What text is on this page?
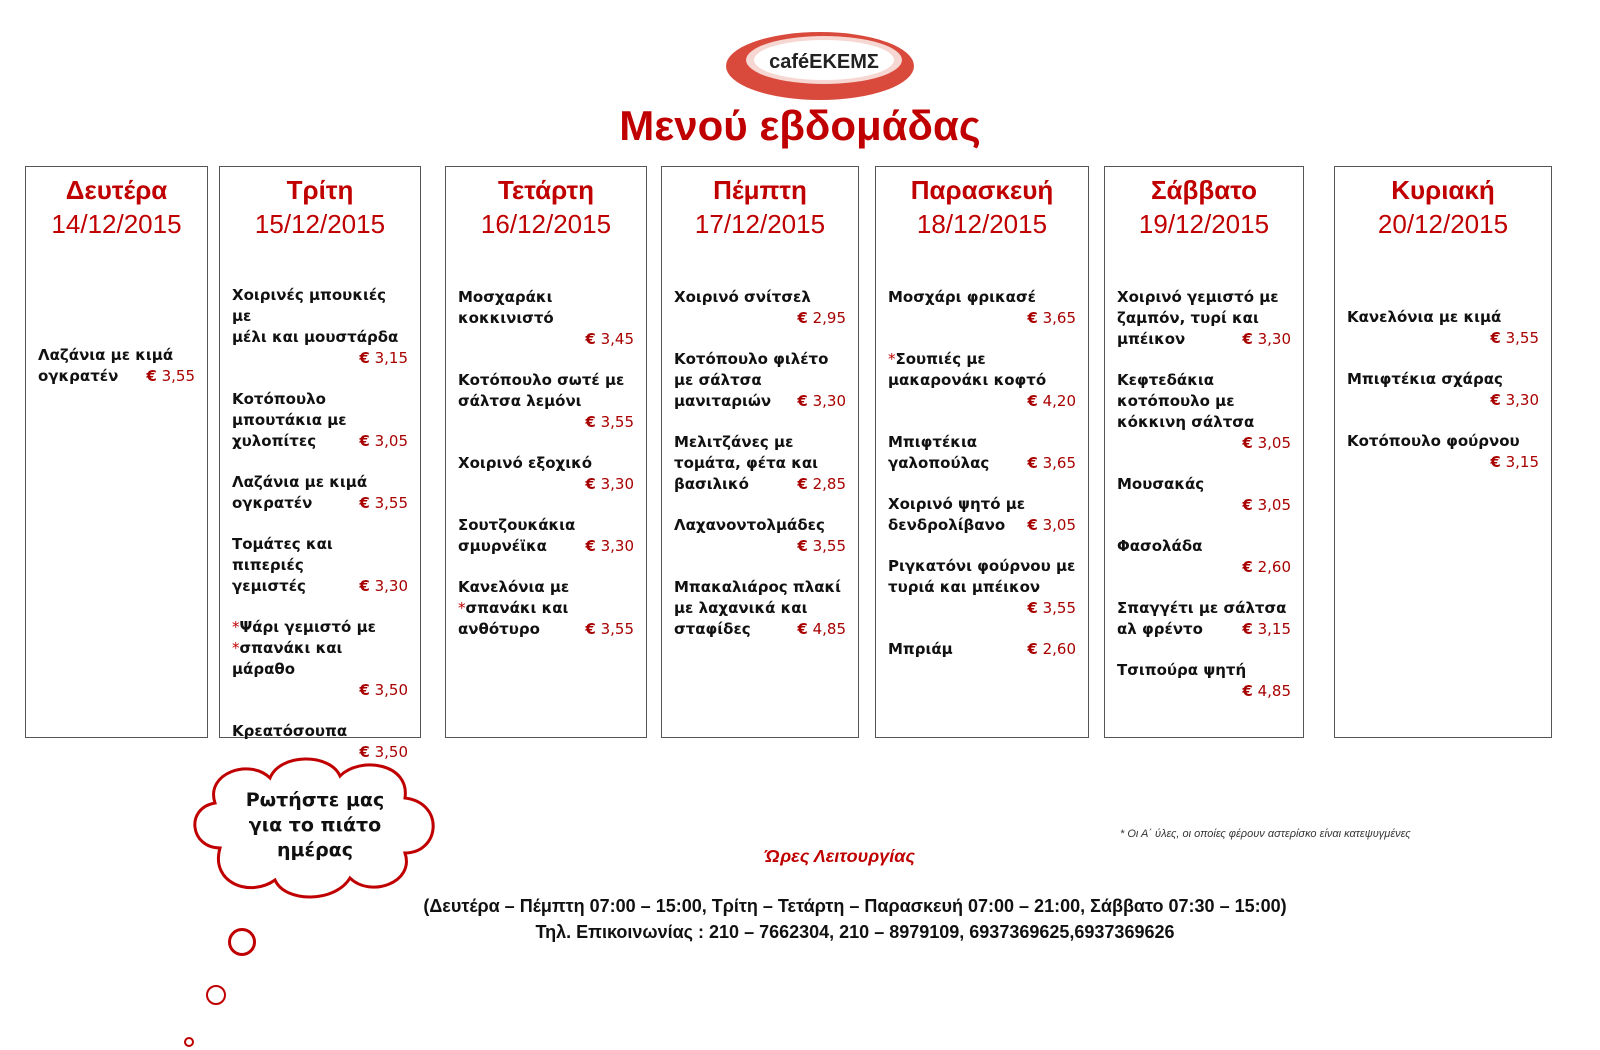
caféΕΚΕΜΣ
Μενού εβδομάδας
Δευτέρα
14/12/2015
Λαζάνια με κιμά
ογκρατέν € 3,55
Τρίτη
15/12/2015
Χοιρινές μπουκιές με
μέλι και μουστάρδα
€ 3,15
Κοτόπουλο
μπουτάκια με
χυλοπίτες	€ 3,05
Λαζάνια με κιμά
ογκρατέν	€ 3,55
Τομάτες και πιπεριές
γεμιστές	€ 3,30
*Ψάρι γεμιστό με
*σπανάκι και μάραθο
€ 3,50
Κρεατόσουπα
€ 3,50
Τετάρτη
16/12/2015
Μοσχαράκι
κοκκινιστό
€ 3,45
Κοτόπουλο σωτέ με
σάλτσα λεμόνι
€ 3,55
Χοιρινό εξοχικό
€ 3,30
Σουτζουκάκια
σμυρνέϊκα	€ 3,30
Κανελόνια με
*σπανάκι και
ανθότυρο	€ 3,55
Πέμπτη
17/12/2015
Χοιρινό σνίτσελ
€ 2,95
Κοτόπουλο φιλέτο
με σάλτσα
μανιταριών € 3,30
Μελιτζάνες με
τομάτα, φέτα και
βασιλικό	€ 2,85
Λαχανοντολμάδες
€ 3,55
Μπακαλιάρος πλακί
με λαχανικά και
σταφίδες	€ 4,85
Παρασκευή
18/12/2015
Μοσχάρι φρικασέ
€ 3,65
*Σουπιές με
μακαρονάκι κοφτό
€ 4,20
Μπιφτέκια
γαλοπούλας	€ 3,65
Χοιρινό ψητό με
δενδρολίβανο € 3,05
Ριγκατόνι φούρνου με
τυριά και μπέικον
€ 3,55
Μπριάμ	€ 2,60
Σάββατο
19/12/2015
Χοιρινό γεμιστό με
ζαμπόν, τυρί και
μπέικον	€ 3,30
Κεφτεδάκια
κοτόπουλο με
κόκκινη σάλτσα
€ 3,05
Μουσακάς
€ 3,05
Φασολάδα
€ 2,60
Σπαγγέτι με σάλτσα
αλ φρέντο	€ 3,15
Τσιπούρα ψητή
€ 4,85
Κυριακή
20/12/2015
Κανελόνια με κιμά
€ 3,55
Μπιφτέκια σχάρας
€ 3,30
Κοτόπουλο φούρνου
€ 3,15
Ρωτήστε μας
για το πιάτο
ημέρας
* Οι Α΄ ύλες, οι οποίες φέρουν αστερίσκο είναι κατεψυγμένες
Ώρες Λειτουργίας
(Δευτέρα – Πέμπτη 07:00 – 15:00, Τρίτη – Τετάρτη – Παρασκευή 07:00 – 21:00, Σάββατο 07:30 – 15:00)
Τηλ. Επικοινωνίας : 210 – 7662304, 210 – 8979109, 6937369625,6937369626
